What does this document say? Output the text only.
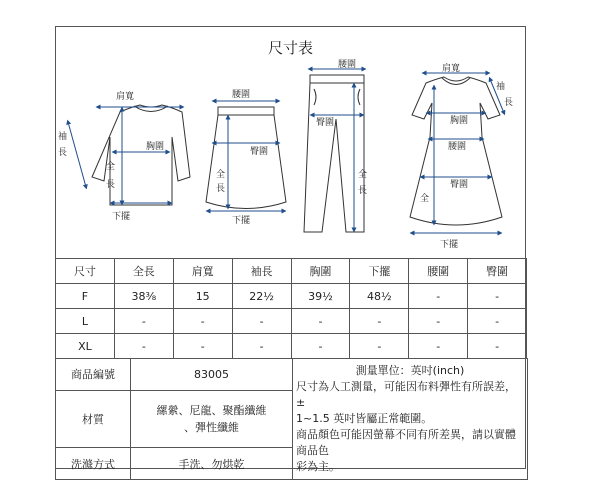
尺寸表
肩寬
袖
長
胸圍
全
長
下擺
腰圍
臀圍
全
長
下擺
腰圍
臀圍
全
長
肩寬
袖
長
胸圍
腰圍
臀圍
全
下擺
尺寸	全長	肩寬	袖長	胸圍	下擺	腰圍	臀圍
F	38⅜	15	22½	39½	48½	-	-
L	-	-	-	-	-	-	-
XL	-	-	-	-	-	-	-
商品編號	83005	測量單位：英吋(inch)
尺寸為人工測量，可能因布料彈性有所誤差，±
1~1.5 英吋皆屬正常範圍。
商品顏色可能因螢幕不同有所差異，請以實體商品色
彩為主。

材質	縲縈、尼龍、聚酯纖維
、彈性纖維	

洗滌方式	手洗、勿烘乾	
